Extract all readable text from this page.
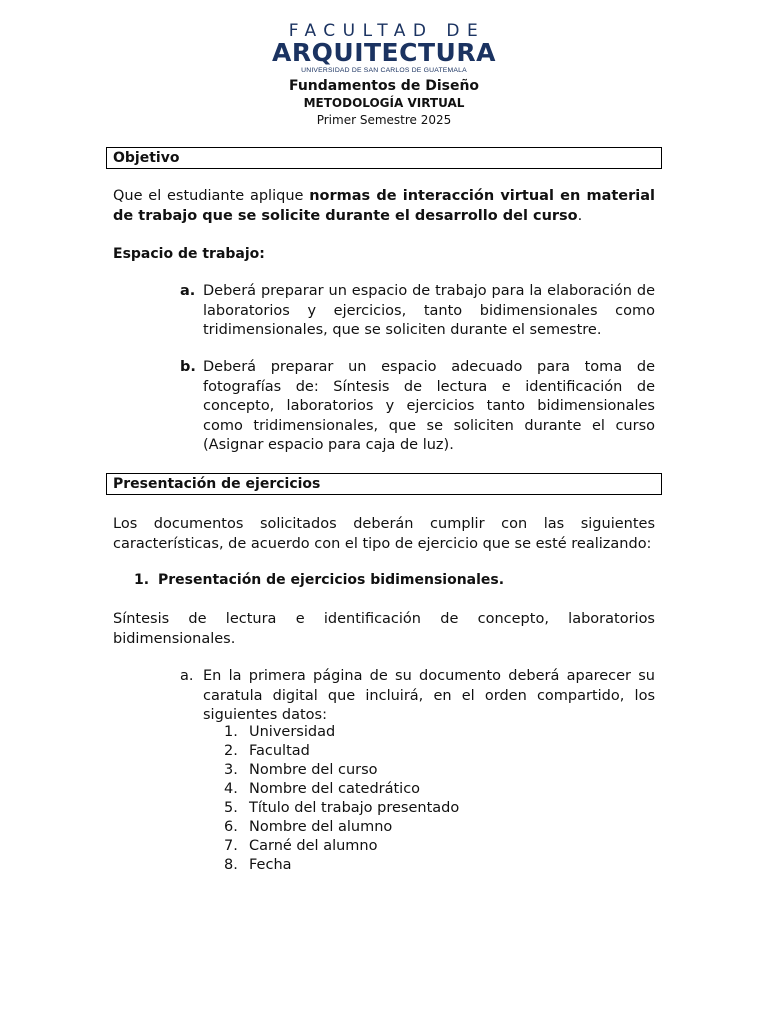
FACULTAD DE
ARQUITECTURA
UNIVERSIDAD DE SAN CARLOS DE GUATEMALA
Fundamentos de Diseño
METODOLOGÍA VIRTUAL
Primer Semestre 2025
Objetivo
Que el estudiante aplique normas de interacción virtual en material de trabajo que se solicite durante el desarrollo del curso.
Espacio de trabajo:
a. Deberá preparar un espacio de trabajo para la elaboración de laboratorios y ejercicios, tanto bidimensionales como tridimensionales, que se soliciten durante el semestre.
b. Deberá preparar un espacio adecuado para toma de fotografías de: Síntesis de lectura e identificación de concepto, laboratorios y ejercicios tanto bidimensionales como tridimensionales, que se soliciten durante el curso (Asignar espacio para caja de luz).
Presentación de ejercicios
Los documentos solicitados deberán cumplir con las siguientes características, de acuerdo con el tipo de ejercicio que se esté realizando:
1. Presentación de ejercicios bidimensionales.
Síntesis de lectura e identificación de concepto, laboratorios bidimensionales.
a. En la primera página de su documento deberá aparecer su caratula digital que incluirá, en el orden compartido, los siguientes datos:
1. Universidad
2. Facultad
3. Nombre del curso
4. Nombre del catedrático
5. Título del trabajo presentado
6. Nombre del alumno
7. Carné del alumno
8. Fecha
